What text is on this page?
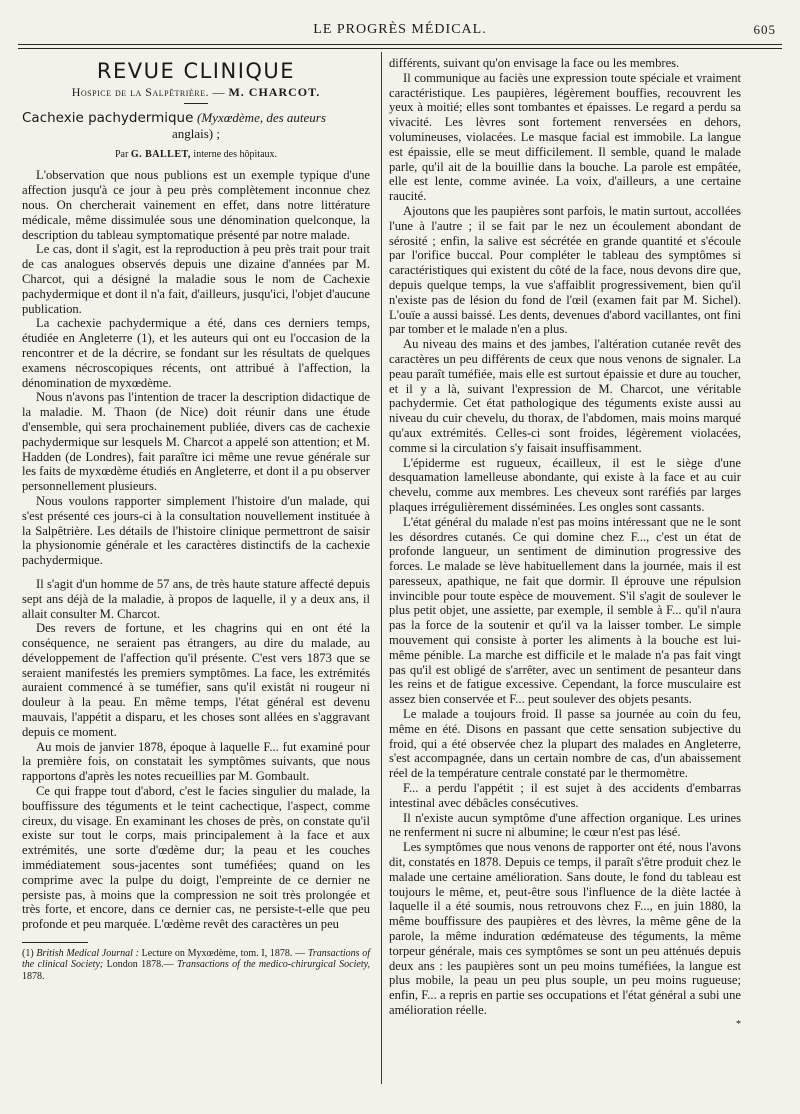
LE PROGRÈS MÉDICAL.	605
REVUE CLINIQUE
Hospice de la Salpêtrière. — M. CHARCOT.
Cachexie pachydermique (Myxœdème, des auteurs
anglais) ;
Par G. BALLET, interne des hôpitaux.

L'observation que nous publions est un exemple typique d'une affection jusqu'à ce jour à peu près complètement inconnue chez nous. On chercherait vainement en effet, dans notre littérature médicale, même dissimulée sous une dénomination quelconque, la description du tableau symptomatique présenté par notre malade.

Le cas, dont il s'agit, est la reproduction à peu près trait pour trait de cas analogues observés depuis une dizaine d'années par M. Charcot, qui a désigné la maladie sous le nom de Cachexie pachydermique et dont il n'a fait, d'ailleurs, jusqu'ici, l'objet d'aucune publication.

La cachexie pachydermique a été, dans ces derniers temps, étudiée en Angleterre (1), et les auteurs qui ont eu l'occasion de la rencontrer et de la décrire, se fondant sur les résultats de quelques examens nécroscopiques récents, ont attribué à l'affection, la dénomination de myxœdème.

Nous n'avons pas l'intention de tracer la description didactique de la maladie. M. Thaon (de Nice) doit réunir dans une étude d'ensemble, qui sera prochainement publiée, divers cas de cachexie pachydermique sur lesquels M. Charcot a appelé son attention; et M. Hadden (de Londres), fait paraître ici même une revue générale sur les faits de myxœdème étudiés en Angleterre, et dont il a pu observer personnellement plusieurs.

Nous voulons rapporter simplement l'histoire d'un malade, qui s'est présenté ces jours-ci à la consultation nouvellement instituée à la Salpêtrière. Les détails de l'histoire clinique permettront de saisir la physionomie générale et les caractères distinctifs de la cachexie pachydermique.

Il s'agit d'un homme de 57 ans, de très haute stature affecté depuis sept ans déjà de la maladie, à propos de laquelle, il y a deux ans, il allait consulter M. Charcot.

Des revers de fortune, et les chagrins qui en ont été la conséquence, ne seraient pas étrangers, au dire du malade, au développement de l'affection qu'il présente. C'est vers 1873 que se seraient manifestés les premiers symptômes. La face, les extrémités auraient commencé à se tuméfier, sans qu'il existât ni rougeur ni douleur à la peau. En même temps, l'état général est devenu mauvais, l'appétit a disparu, et les choses sont allées en s'aggravant depuis ce moment.

Au mois de janvier 1878, époque à laquelle F... fut examiné pour la première fois, on constatait les symptômes suivants, que nous rapportons d'après les notes recueillies par M. Gombault.

Ce qui frappe tout d'abord, c'est le facies singulier du malade, la bouffissure des téguments et le teint cachectique, l'aspect, comme cireux, du visage. En examinant les choses de près, on constate qu'il existe sur tout le corps, mais principalement à la face et aux extrémités, une sorte d'œdème dur; la peau et les couches immédiatement sous-jacentes sont tuméfiées; quand on les comprime avec la pulpe du doigt, l'empreinte de ce dernier ne persiste pas, à moins que la compression ne soit très prolongée et très forte, et encore, dans ce dernier cas, ne persiste-t-elle que peu profonde et peu marquée. L'œdème revêt des caractères un peu

(1) British Medical Journal : Lecture on Myxœdème, tom. I, 1878. — Transactions of the clinical Society; London 1878.— Transactions of the medico-chirurgical Society, 1878.

différents, suivant qu'on envisage la face ou les membres.

Il communique au faciès une expression toute spéciale et vraiment caractéristique. Les paupières, légèrement bouffies, recouvrent les yeux à moitié; elles sont tombantes et épaisses. Le regard a perdu sa vivacité. Les lèvres sont fortement renversées en dehors, volumineuses, violacées. Le masque facial est immobile. La langue est épaissie, elle se meut difficilement. Il semble, quand le malade parle, qu'il ait de la bouillie dans la bouche. La parole est empâtée, elle est lente, comme avinée. La voix, d'ailleurs, a une certaine raucité.

Ajoutons que les paupières sont parfois, le matin surtout, accollées l'une à l'autre ; il se fait par le nez un écoulement abondant de sérosité ; enfin, la salive est sécrétée en grande quantité et s'écoule par l'orifice buccal. Pour compléter le tableau des symptômes si caractéristiques qui existent du côté de la face, nous devons dire que, depuis quelque temps, la vue s'affaiblit progressivement, bien qu'il n'existe pas de lésion du fond de l'œil (examen fait par M. Sichel). L'ouïe a aussi baissé. Les dents, devenues d'abord vacillantes, ont fini par tomber et le malade n'en a plus.

Au niveau des mains et des jambes, l'altération cutanée revêt des caractères un peu différents de ceux que nous venons de signaler. La peau paraît tuméfiée, mais elle est surtout épaissie et dure au toucher, et il y a là, suivant l'expression de M. Charcot, une véritable pachydermie. Cet état pathologique des téguments existe aussi au niveau du cuir chevelu, du thorax, de l'abdomen, mais moins marqué qu'aux extrémités. Celles-ci sont froides, légèrement violacées, comme si la circulation s'y faisait insuffisamment.

L'épiderme est rugueux, écailleux, il est le siège d'une desquamation lamelleuse abondante, qui existe à la face et au cuir chevelu, comme aux membres. Les cheveux sont raréfiés par larges plaques irrégulièrement disséminées. Les ongles sont cassants.

L'état général du malade n'est pas moins intéressant que ne le sont les désordres cutanés. Ce qui domine chez F..., c'est un état de profonde langueur, un sentiment de diminution progressive des forces. Le malade se lève habituellement dans la journée, mais il est paresseux, apathique, ne fait que dormir. Il éprouve une répulsion invincible pour toute espèce de mouvement. S'il s'agit de soulever le plus petit objet, une assiette, par exemple, il semble à F... qu'il n'aura pas la force de la soutenir et qu'il va la laisser tomber. Le simple mouvement qui consiste à porter les aliments à la bouche est lui-même pénible. La marche est difficile et le malade n'a pas fait vingt pas qu'il est obligé de s'arrêter, avec un sentiment de pesanteur dans les reins et de fatigue excessive. Cependant, la force musculaire est assez bien conservée et F... peut soulever des objets pesants.

Le malade a toujours froid. Il passe sa journée au coin du feu, même en été. Disons en passant que cette sensation subjective du froid, qui a été observée chez la plupart des malades en Angleterre, s'est accompagnée, dans un certain nombre de cas, d'un abaissement réel de la température centrale constaté par le thermomètre.

F... a perdu l'appétit ; il est sujet à des accidents d'embarras intestinal avec débâcles consécutives.

Il n'existe aucun symptôme d'une affection organique. Les urines ne renferment ni sucre ni albumine; le cœur n'est pas lésé.

Les symptômes que nous venons de rapporter ont été, nous l'avons dit, constatés en 1878. Depuis ce temps, il paraît s'être produit chez le malade une certaine amélioration. Sans doute, le fond du tableau est toujours le même, et, peut-être sous l'influence de la diète lactée à laquelle il a été soumis, nous retrouvons chez F..., en juin 1880, la même bouffissure des paupières et des lèvres, la même gêne de la parole, la même induration œdémateuse des téguments, la même torpeur générale, mais ces symptômes se sont un peu atténués depuis deux ans : les paupières sont un peu moins tuméfiées, la langue est plus mobile, la peau un peu plus souple, un peu moins rugueuse; enfin, F... a repris en partie ses occupations et l'état général a subi une amélioration réelle.

*
